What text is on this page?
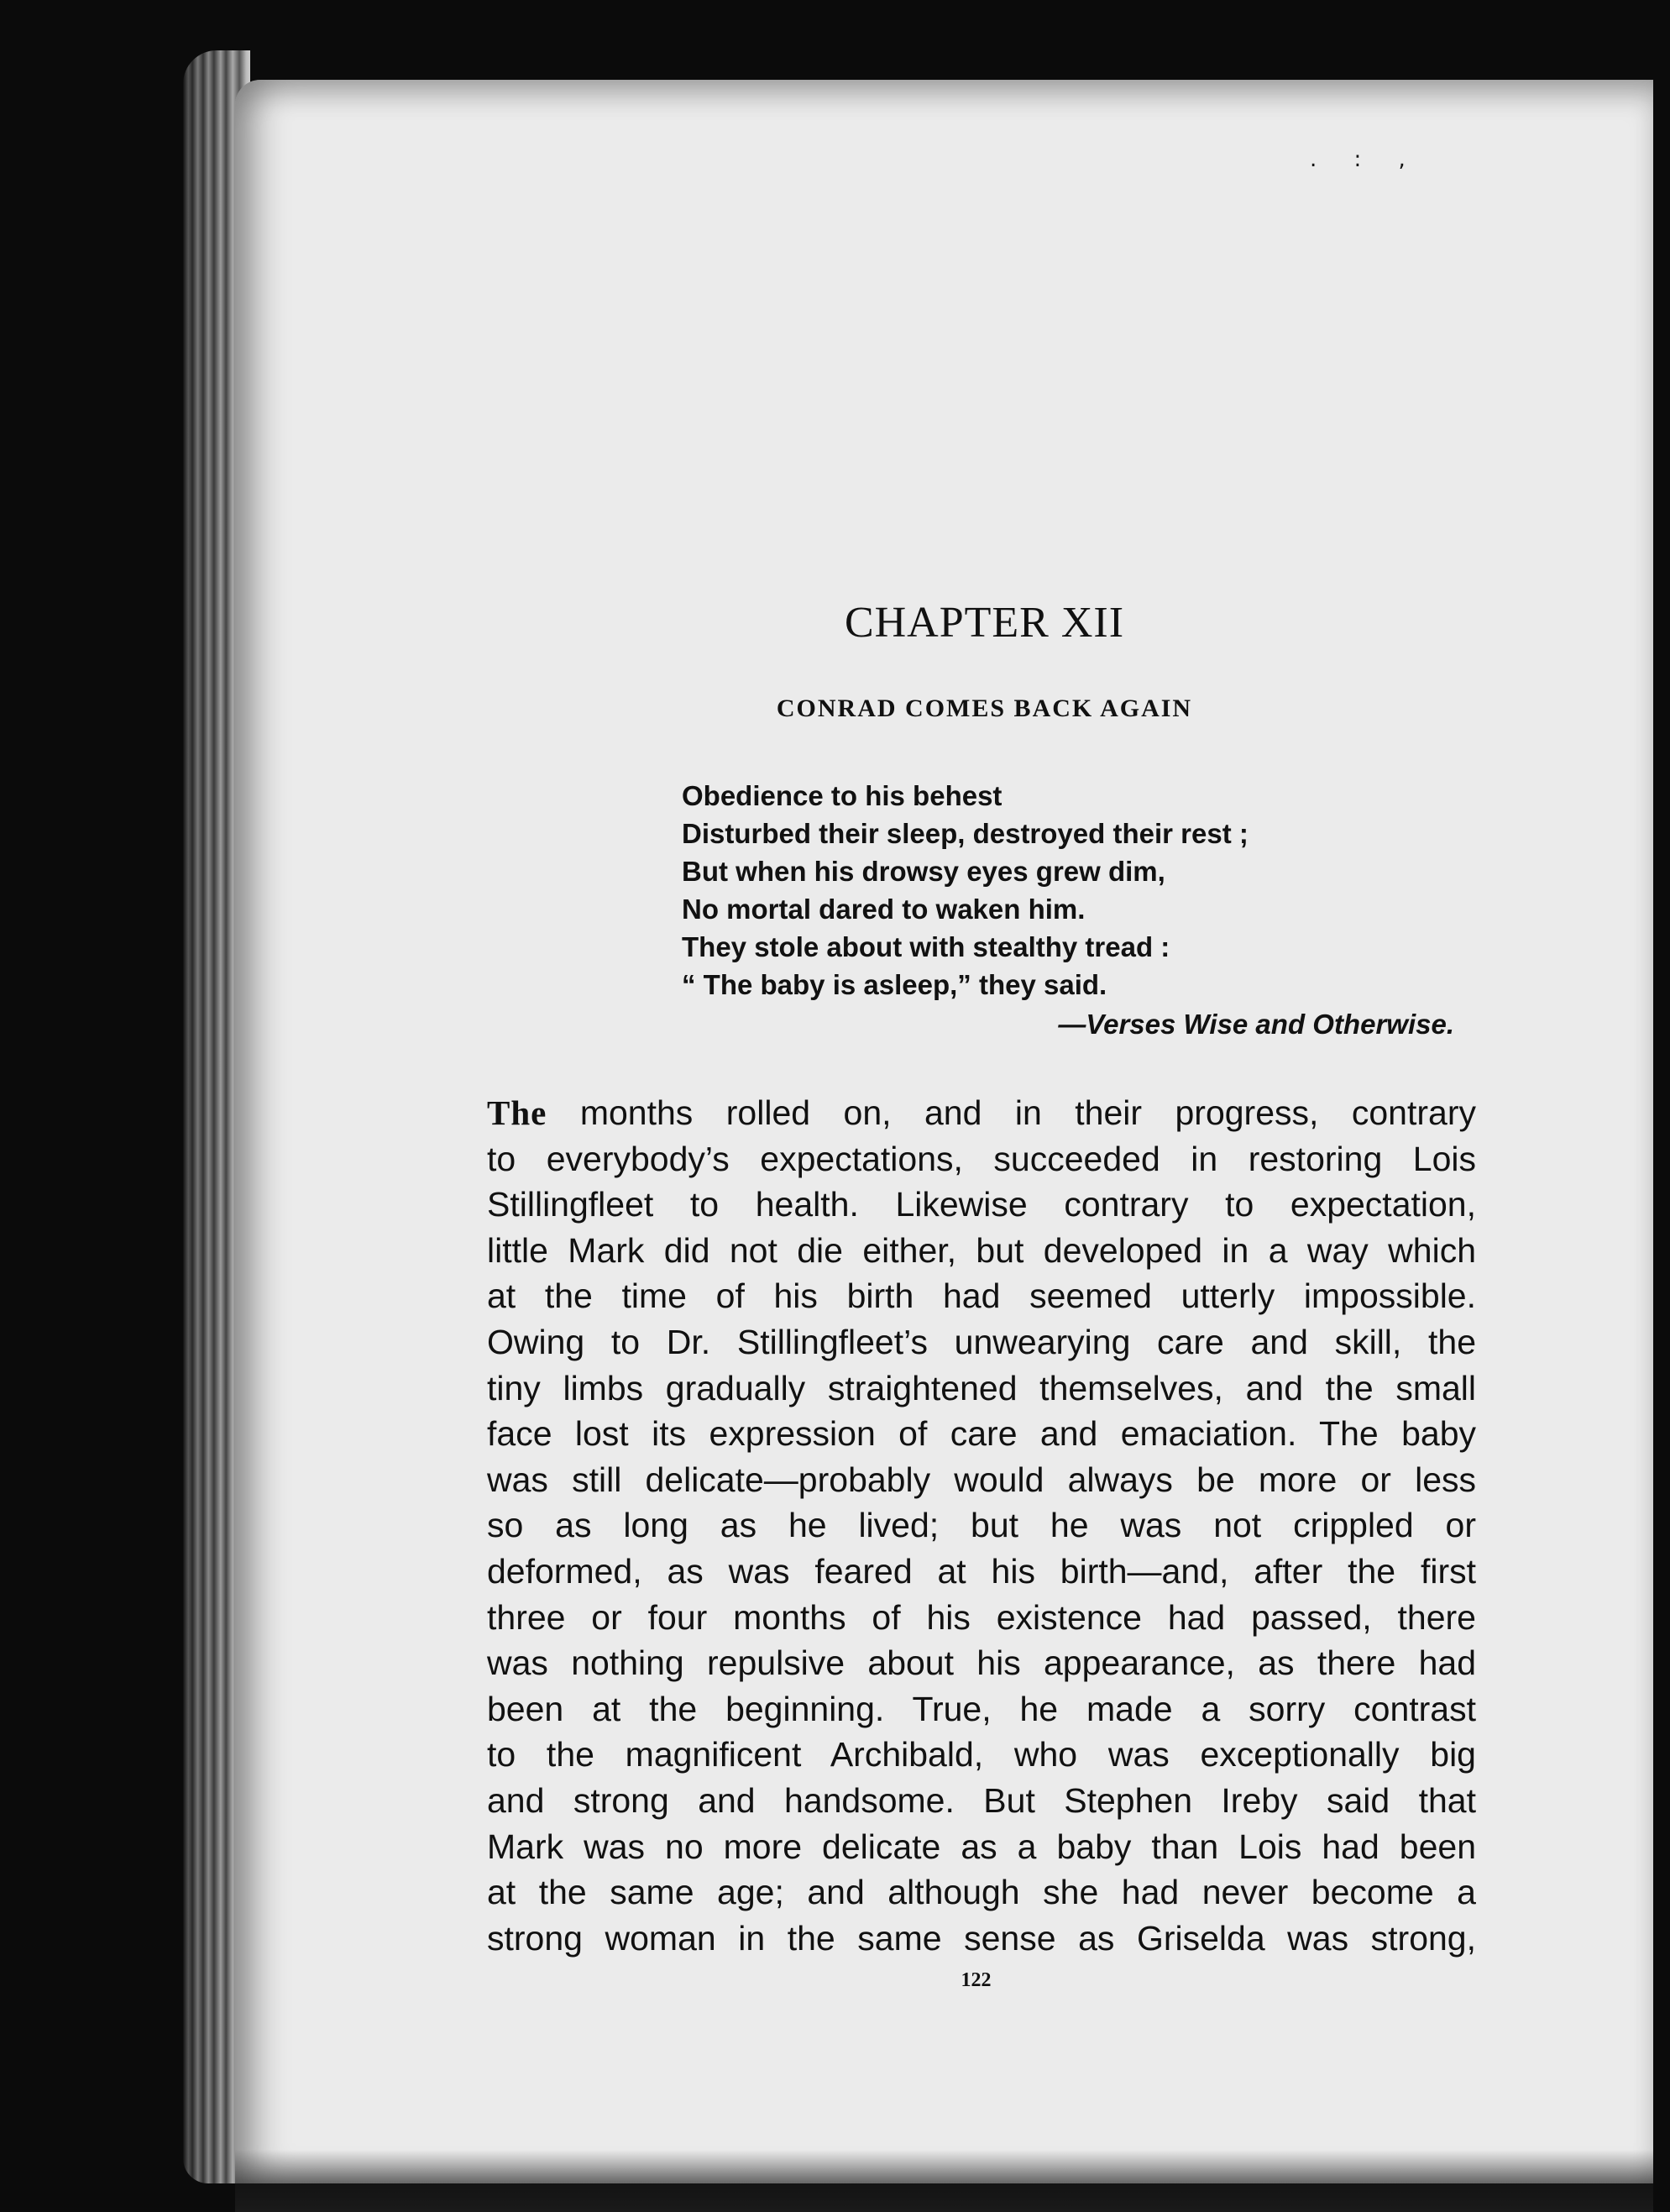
. : ,
CHAPTER XII
CONRAD COMES BACK AGAIN
Obedience to his behest
Disturbed their sleep, destroyed their rest ;
But when his drowsy eyes grew dim,
No mortal dared to waken him.
They stole about with stealthy tread :
“ The baby is asleep,” they said.
—Verses Wise and Otherwise.
The months rolled on, and in their progress, contrary
to everybody’s expectations, succeeded in restoring Lois
Stillingfleet to health. Likewise contrary to expectation,
little Mark did not die either, but developed in a way which
at the time of his birth had seemed utterly impossible.
Owing to Dr. Stillingfleet’s unwearying care and skill, the
tiny limbs gradually straightened themselves, and the small
face lost its expression of care and emaciation. The baby
was still delicate—probably would always be more or less
so as long as he lived; but he was not crippled or
deformed, as was feared at his birth—and, after the first
three or four months of his existence had passed, there
was nothing repulsive about his appearance, as there had
been at the beginning. True, he made a sorry contrast
to the magnificent Archibald, who was exceptionally big
and strong and handsome. But Stephen Ireby said that
Mark was no more delicate as a baby than Lois had been
at the same age; and although she had never become a
strong woman in the same sense as Griselda was strong,
122
